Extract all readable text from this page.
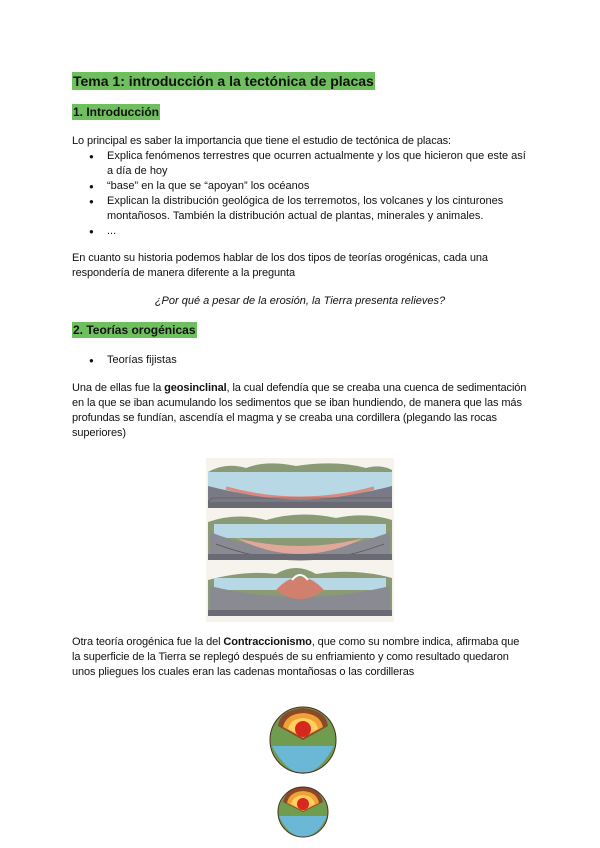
Tema 1: introducción a la tectónica de placas
1. Introducción
Lo principal es saber la importancia que tiene el estudio de tectónica de placas:
● Explica fenómenos terrestres que ocurren actualmente y los que hicieron que este así a día de hoy
● “base” en la que se “apoyan” los océanos
● Explican la distribución geológica de los terremotos, los volcanes y los cinturones montañosos. También la distribución actual de plantas, minerales y animales.
● ...
En cuanto su historia podemos hablar de los dos tipos de teorías orogénicas, cada una respondería de manera diferente a la pregunta
¿Por qué a pesar de la erosión, la Tierra presenta relieves?
2. Teorías orogénicas
● Teorías fijistas
Una de ellas fue la geosinclinal, la cual defendía que se creaba una cuenca de sedimentación en la que se iban acumulando los sedimentos que se iban hundiendo, de manera que las más profundas se fundían, ascendía el magma y se creaba una cordillera (plegando las rocas superiores)
Otra teoría orogénica fue la del Contraccionismo, que como su nombre indica, afirmaba que la superficie de la Tierra se replegó después de su enfriamiento y como resultado quedaron unos pliegues los cuales eran las cadenas montañosas o las cordilleras
